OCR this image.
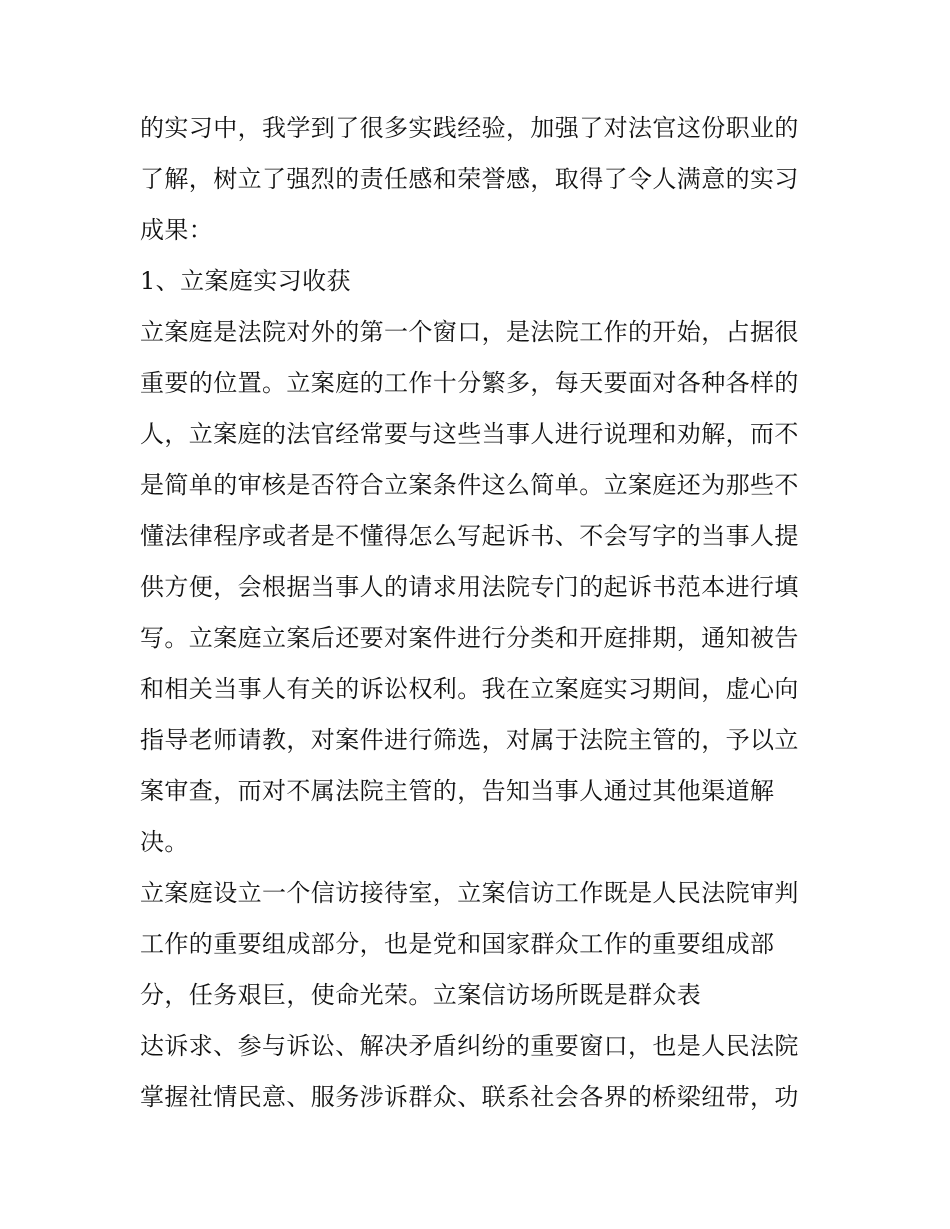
的实习中，我学到了很多实践经验，加强了对法官这份职业的

了解，树立了强烈的责任感和荣誉感，取得了令人满意的实习

成果：

1、立案庭实习收获

立案庭是法院对外的第一个窗口，是法院工作的开始，占据很

重要的位置。立案庭的工作十分繁多，每天要面对各种各样的

人，立案庭的法官经常要与这些当事人进行说理和劝解，而不

是简单的审核是否符合立案条件这么简单。立案庭还为那些不

懂法律程序或者是不懂得怎么写起诉书、不会写字的当事人提

供方便，会根据当事人的请求用法院专门的起诉书范本进行填

写。立案庭立案后还要对案件进行分类和开庭排期，通知被告

和相关当事人有关的诉讼权利。我在立案庭实习期间，虚心向

指导老师请教，对案件进行筛选，对属于法院主管的，予以立

案审查，而对不属法院主管的，告知当事人通过其他渠道解

决。

立案庭设立一个信访接待室，立案信访工作既是人民法院审判

工作的重要组成部分，也是党和国家群众工作的重要组成部

分，任务艰巨，使命光荣。立案信访场所既是群众表

达诉求、参与诉讼、解决矛盾纠纷的重要窗口，也是人民法院

掌握社情民意、服务涉诉群众、联系社会各界的桥梁纽带，功
